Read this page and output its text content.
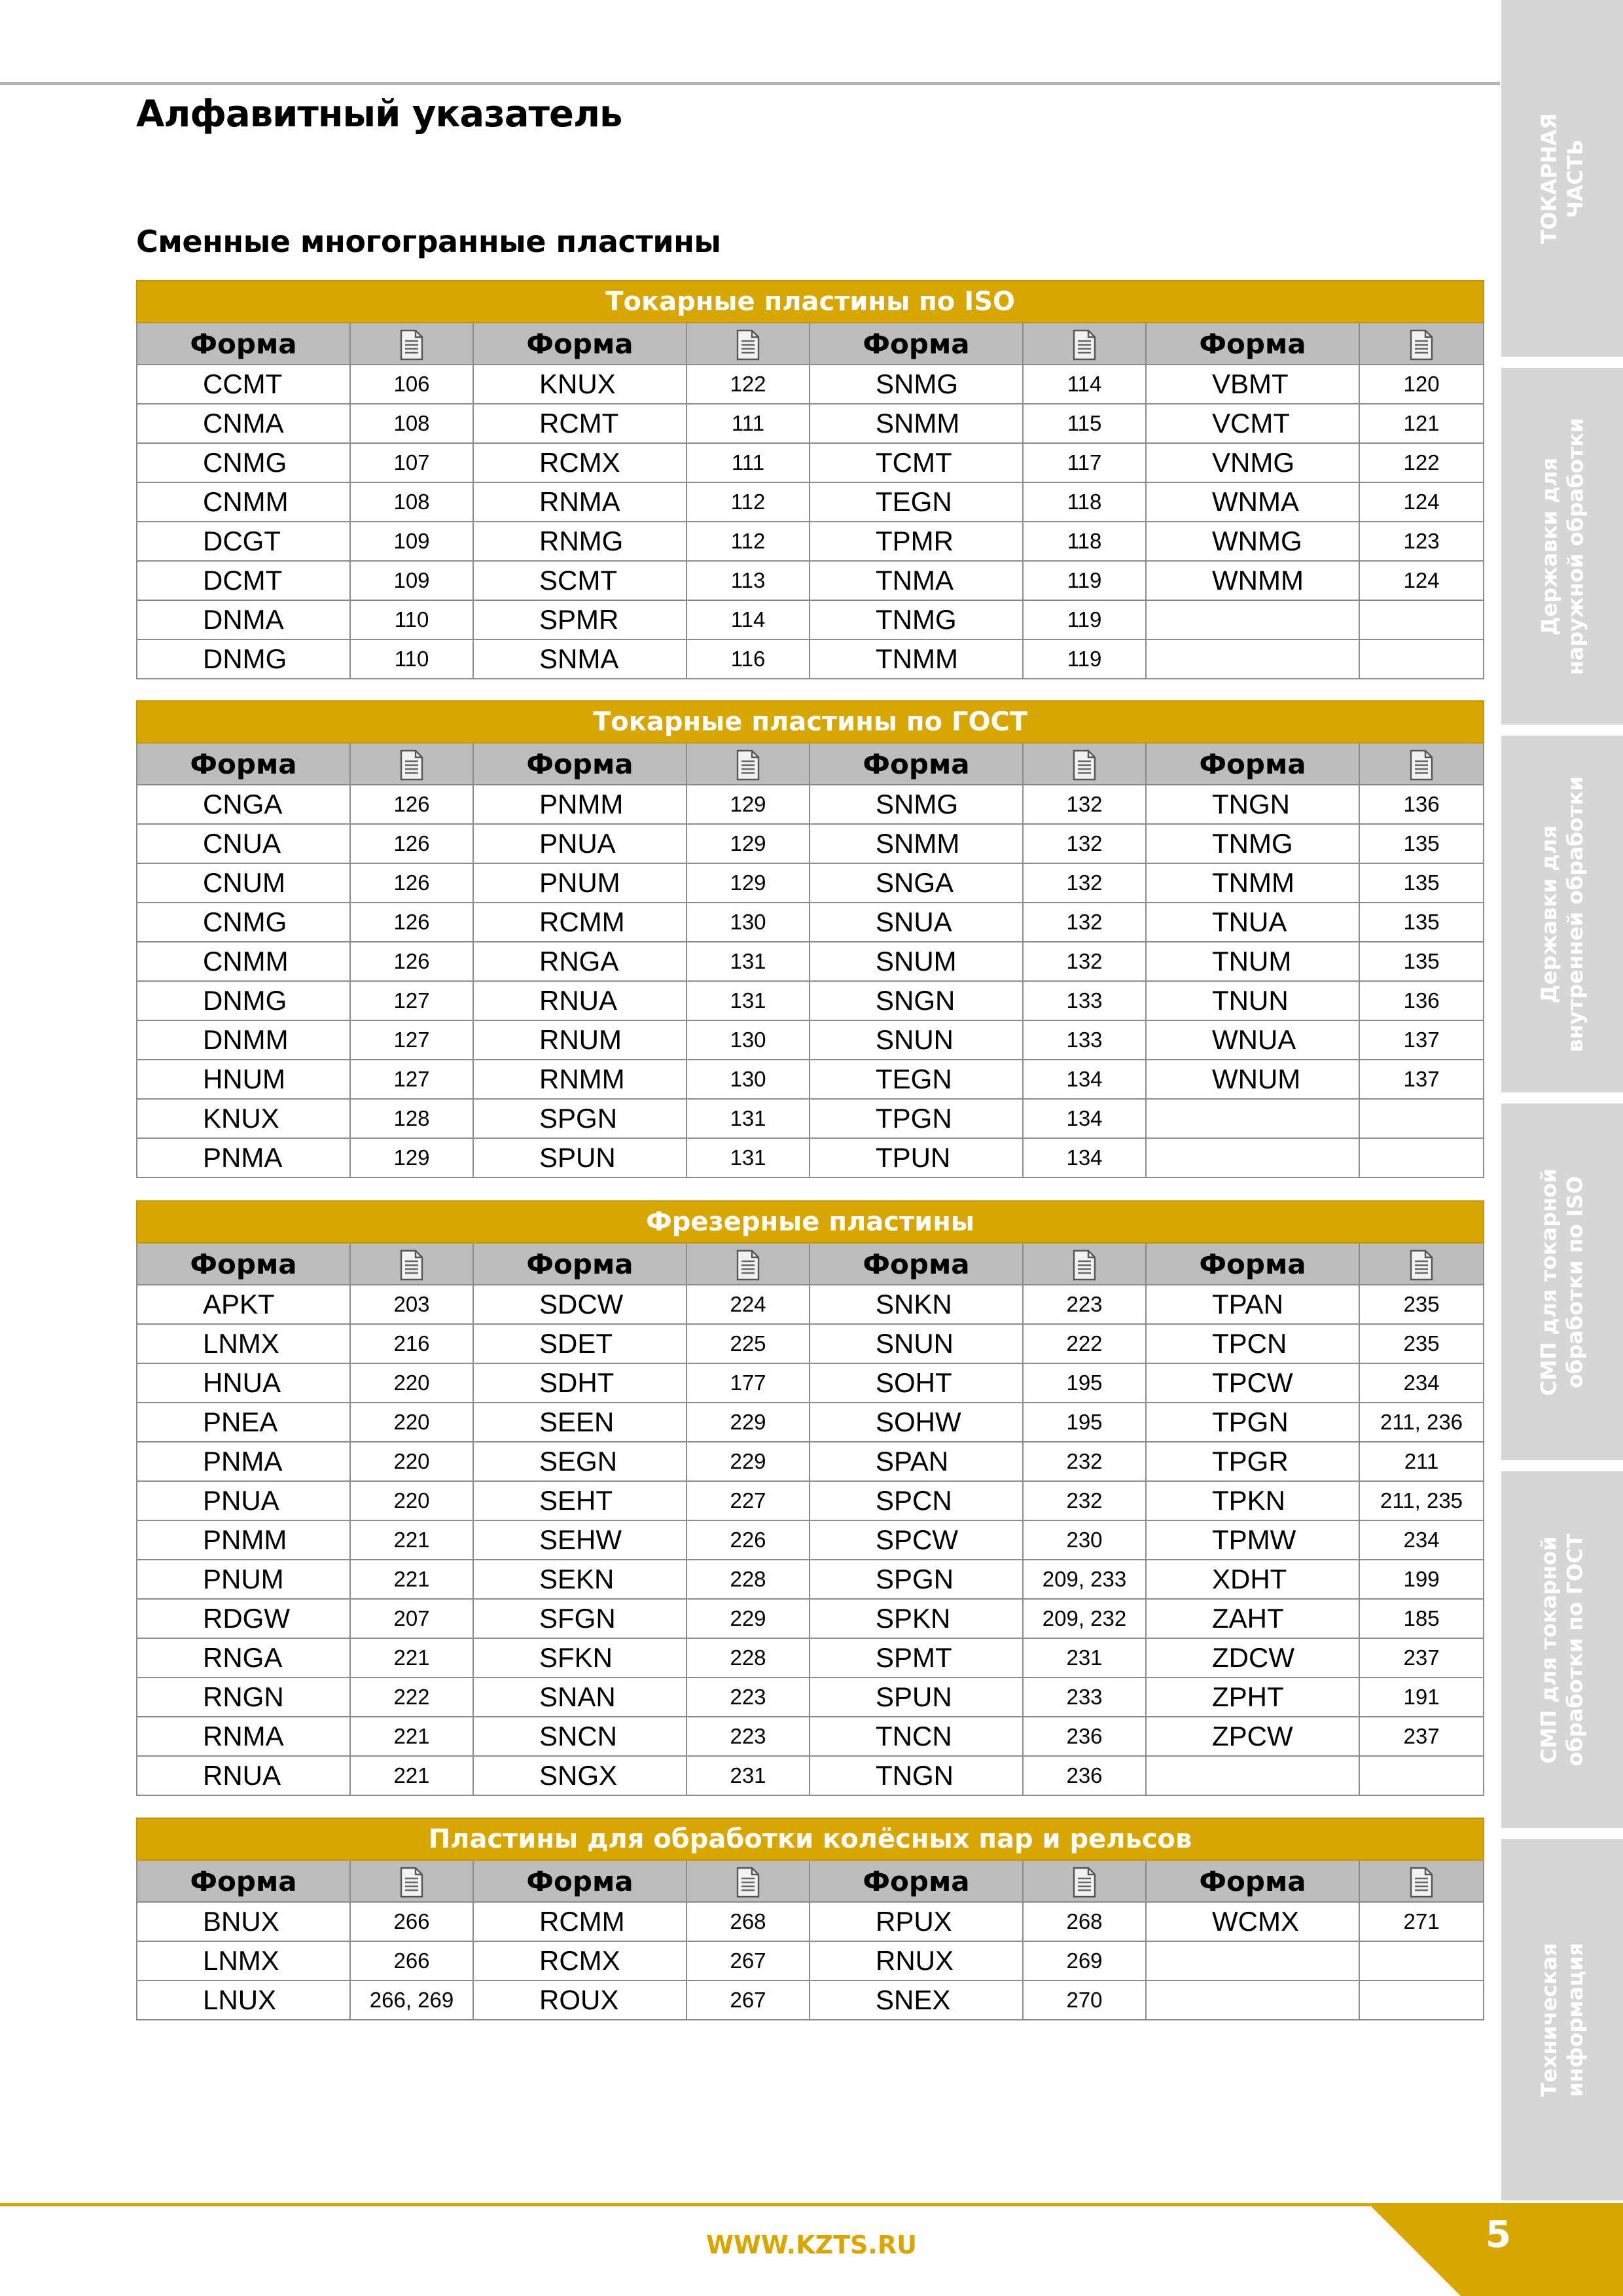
Алфавитный указатель
Сменные многогранные пластины	ТОКАРНАЯ
ЧАСТЬ
Державки для
наружной обработки
Державки для
внутренней обработки
СМП для токарной
обработки по ISO
СМП для токарной
обработки по ГОСТ
Техническая
информация
Токарные пластины по ISO							
Форма		Форма		Форма		Форма	
CCMT	106	KNUX	122	SNMG	114	VBMT	120
CNMA	108	RCMT	111	SNMM	115	VCMT	121
CNMG	107	RCMX	111	TCMT	117	VNMG	122
CNMM	108	RNMA	112	TEGN	118	WNMA	124
DCGT	109	RNMG	112	TPMR	118	WNMG	123
DCMT	109	SCMT	113	TNMA	119	WNMM	124
DNMA	110	SPMR	114	TNMG	119		
DNMG	110	SNMA	116	TNMM	119		
Токарные пластины по ГОСТ							
Форма		Форма		Форма		Форма	
CNGA	126	PNMM	129	SNMG	132	TNGN	136
CNUA	126	PNUA	129	SNMM	132	TNMG	135
CNUM	126	PNUM	129	SNGA	132	TNMM	135
CNMG	126	RCMM	130	SNUA	132	TNUA	135
CNMM	126	RNGA	131	SNUM	132	TNUM	135
DNMG	127	RNUA	131	SNGN	133	TNUN	136
DNMM	127	RNUM	130	SNUN	133	WNUA	137
HNUM	127	RNMM	130	TEGN	134	WNUM	137
KNUX	128	SPGN	131	TPGN	134		
PNMA	129	SPUN	131	TPUN	134		
Фрезерные пластины							
Форма		Форма		Форма		Форма	
APKT	203	SDCW	224	SNKN	223	TPAN	235
LNMX	216	SDET	225	SNUN	222	TPCN	235
HNUA	220	SDHT	177	SOHT	195	TPCW	234
PNEA	220	SEEN	229	SOHW	195	TPGN	211, 236
PNMA	220	SEGN	229	SPAN	232	TPGR	211
PNUA	220	SEHT	227	SPCN	232	TPKN	211, 235
PNMM	221	SEHW	226	SPCW	230	TPMW	234
PNUM	221	SEKN	228	SPGN	209, 233	XDHT	199
RDGW	207	SFGN	229	SPKN	209, 232	ZAHT	185
RNGA	221	SFKN	228	SPMT	231	ZDCW	237
RNGN	222	SNAN	223	SPUN	233	ZPHT	191
RNMA	221	SNCN	223	TNCN	236	ZPCW	237
RNUA	221	SNGX	231	TNGN	236		
Пластины для обработки колёсных пар и рельсов							
Форма		Форма		Форма		Форма	
BNUX	266	RCMM	268	RPUX	268	WCMX	271
LNMX	266	RCMX	267	RNUX	269		
LNUX	266, 269	ROUX	267	SNEX	270		
WWW.KZTS.RU	5
